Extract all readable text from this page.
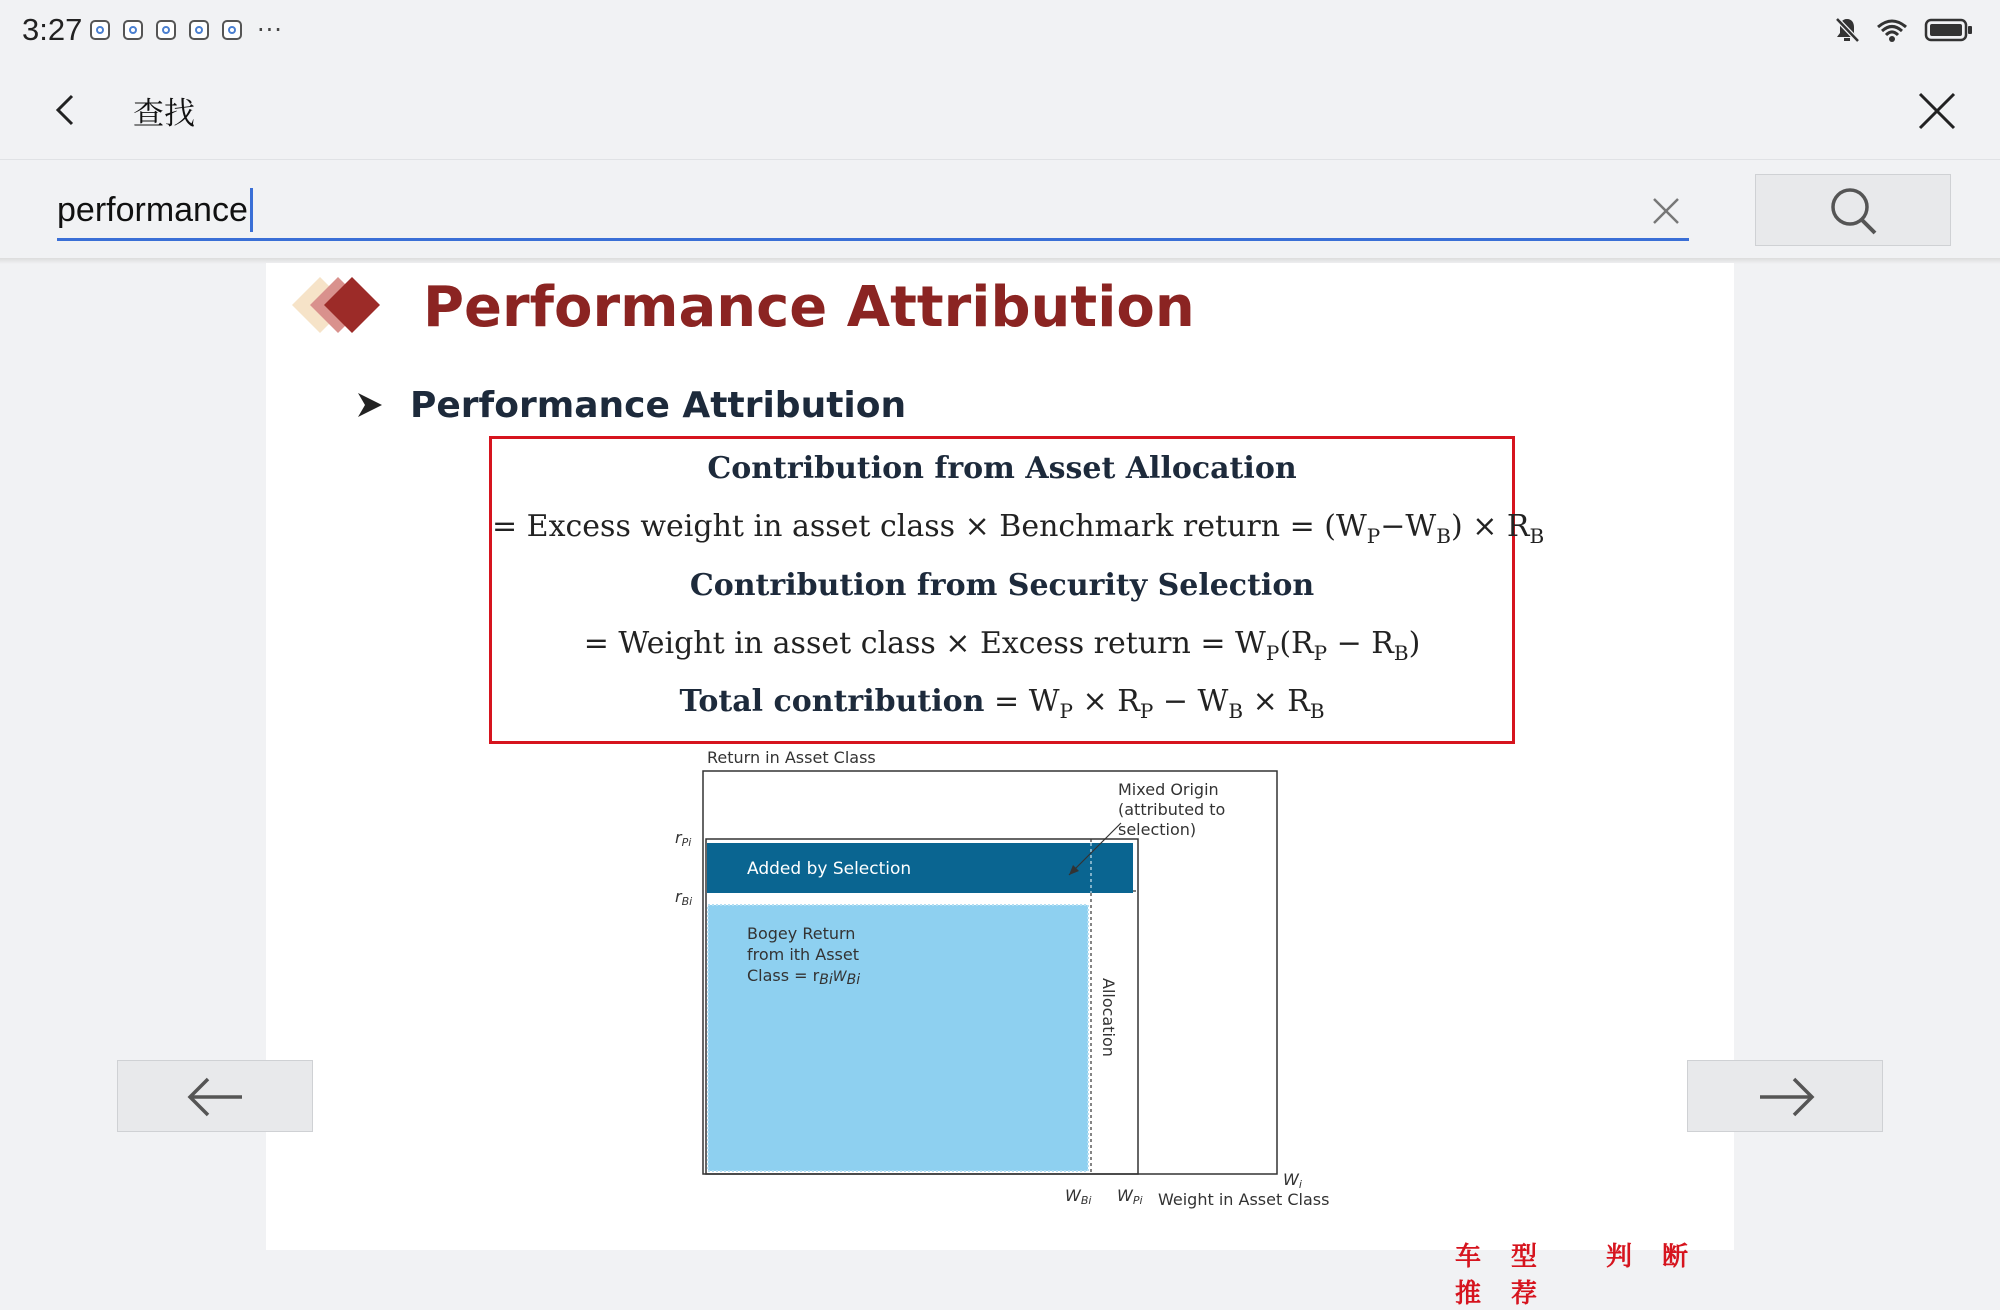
3:27	···
查找
performance
Performance Attribution
Performance Attribution
Contribution from Asset Allocation
= Excess weight in asset class × Benchmark return = $(W_P-W_B) \times R_B$
Contribution from Security Selection
= Weight in asset class × Excess return = $W_P(R_P - R_B)$
Total contribution = $W_P \times R_P - W_B \times R_B$
Return in Asset Class
Added by Selection
Bogey Return
from ith Asset
Class = rBiWBi	Allocation
Mixed Origin
(attributed to
selection)
$r_{Pi}$
$r_{Bi}$
$W_{Bi}$ $W_{Pi}$
$W_i$
Weight in Asset Class
车型 判断 推荐
